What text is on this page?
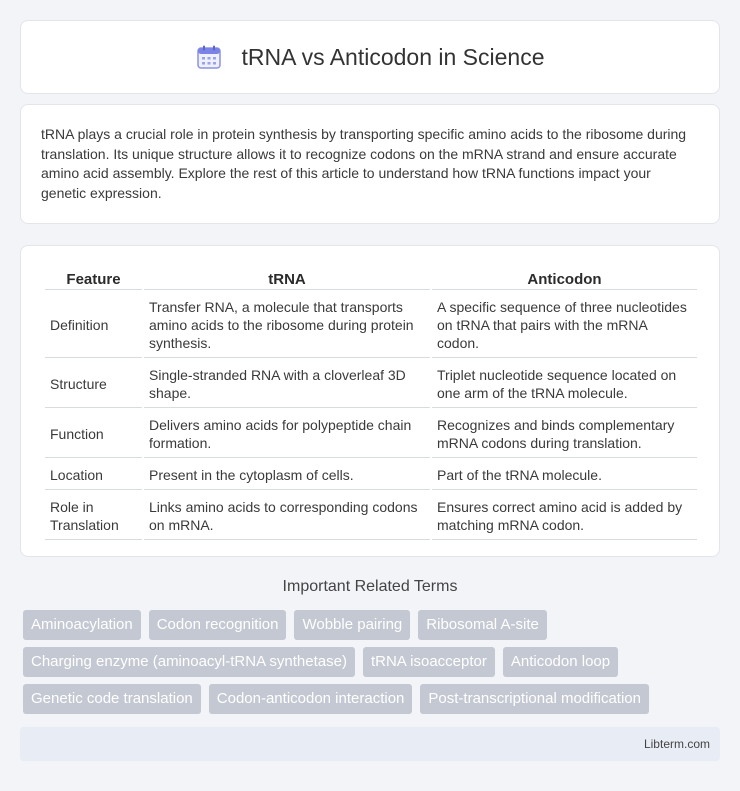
tRNA vs Anticodon in Science

tRNA plays a crucial role in protein synthesis by transporting specific amino acids to the ribosome during translation. Its unique structure allows it to recognize codons on the mRNA strand and ensure accurate amino acid assembly. Explore the rest of this article to understand how tRNA functions impact your genetic expression.

Feature	tRNA	Anticodon
Definition	Transfer RNA, a molecule that transports amino acids to the ribosome during protein synthesis.	A specific sequence of three nucleotides on tRNA that pairs with the mRNA codon.
Structure	Single-stranded RNA with a cloverleaf 3D shape.	Triplet nucleotide sequence located on one arm of the tRNA molecule.
Function	Delivers amino acids for polypeptide chain formation.	Recognizes and binds complementary mRNA codons during translation.
Location	Present in the cytoplasm of cells.	Part of the tRNA molecule.
Role in Translation	Links amino acids to corresponding codons on mRNA.	Ensures correct amino acid is added by matching mRNA codon.
Important Related Terms
Aminoacylation	Codon recognition	Wobble pairing	Ribosomal A-site
Charging enzyme (aminoacyl-tRNA synthetase)	tRNA isoacceptor	Anticodon loop
Genetic code translation	Codon-anticodon interaction	Post-transcriptional modification
Libterm.com
